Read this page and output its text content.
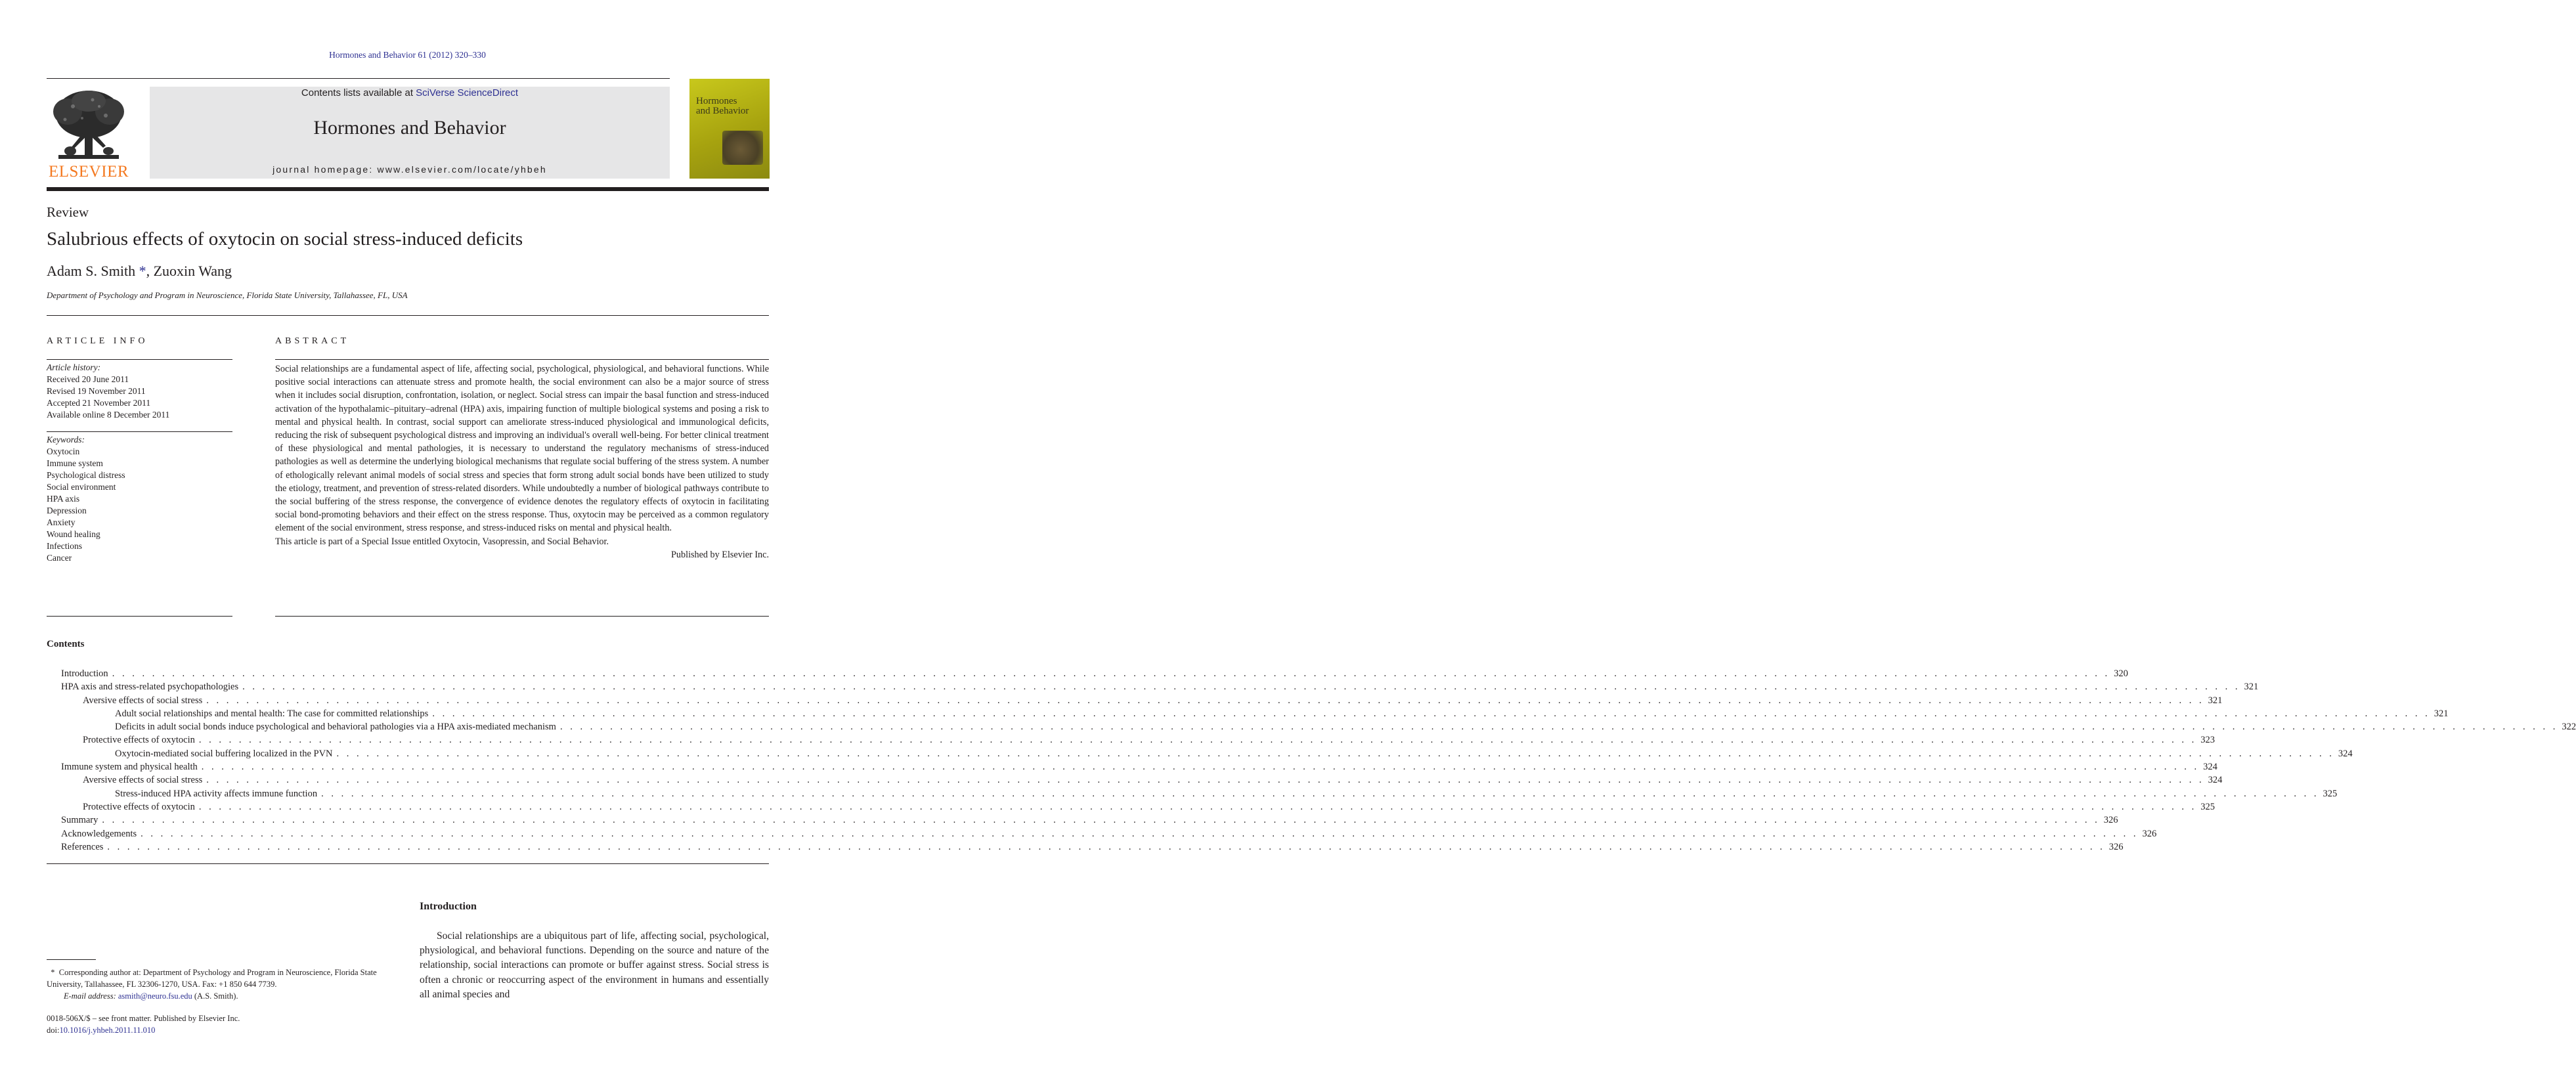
Hormones and Behavior 61 (2012) 320–330
ELSEVIER
Contents lists available at SciVerse ScienceDirect
Hormones and Behavior
journal homepage: www.elsevier.com/locate/yhbeh
Hormones
and Behavior
Review
Salubrious effects of oxytocin on social stress-induced deficits
Adam S. Smith *, Zuoxin Wang
Department of Psychology and Program in Neuroscience, Florida State University, Tallahassee, FL, USA
ARTICLE INFO	ABSTRACT
Article history:
Received 20 June 2011
Revised 19 November 2011
Accepted 21 November 2011
Available online 8 December 2011
Keywords:
Oxytocin
Immune system
Psychological distress
Social environment
HPA axis
Depression
Anxiety
Wound healing
Infections
Cancer
Social relationships are a fundamental aspect of life, affecting social, psychological, physiological, and behavioral functions. While positive social interactions can attenuate stress and promote health, the social environment can also be a major source of stress when it includes social disruption, confrontation, isolation, or neglect. Social stress can impair the basal function and stress-induced activation of the hypothalamic–pituitary–adrenal (HPA) axis, impairing function of multiple biological systems and posing a risk to mental and physical health. In contrast, social support can ameliorate stress-induced physiological and immunological deficits, reducing the risk of subsequent psychological distress and improving an individual's overall well-being. For better clinical treatment of these physiological and mental pathologies, it is necessary to understand the regulatory mechanisms of stress-induced pathologies as well as determine the underlying biological mechanisms that regulate social buffering of the stress system. A number of ethologically relevant animal models of social stress and species that form strong adult social bonds have been utilized to study the etiology, treatment, and prevention of stress-related disorders. While undoubtedly a number of biological pathways contribute to the social buffering of the stress response, the convergence of evidence denotes the regulatory effects of oxytocin in facilitating social bond-promoting behaviors and their effect on the stress response. Thus, oxytocin may be perceived as a common regulatory element of the social environment, stress response, and stress-induced risks on mental and physical health.
This article is part of a Special Issue entitled Oxytocin, Vasopressin, and Social Behavior.
Published by Elsevier Inc.
Contents
Introduction . . . . . . . . . . . . . . . . . . . . . . . . . . . . . . . . . . . . . . . . . . . . . . . . . . . . . . . . . . . . . . . . . . . . . . . . . . . . . . . . . . . . . . . . . . . . . . . . . . . . . . . . . . . . . . . . . . . . . . . . . . . . . . . . . . . . . . . . . . . . . . . . . . . . . . . . . . . . . . . . . . . . . . . . . . . . . . . . . . . . . . . . . . . . . . . . . . . . . . . . 320
HPA axis and stress-related psychopathologies . . . . . . . . . . . . . . . . . . . . . . . . . . . . . . . . . . . . . . . . . . . . . . . . . . . . . . . . . . . . . . . . . . . . . . . . . . . . . . . . . . . . . . . . . . . . . . . . . . . . . . . . . . . . . . . . . . . . . . . . . . . . . . . . . . . . . . . . . . . . . . . . . . . . . . . . . . . . . . . . . . . . . . . . . . . . . . . . . . . . . . . . . . . . . . . . . . . . . . . . 321
Aversive effects of social stress . . . . . . . . . . . . . . . . . . . . . . . . . . . . . . . . . . . . . . . . . . . . . . . . . . . . . . . . . . . . . . . . . . . . . . . . . . . . . . . . . . . . . . . . . . . . . . . . . . . . . . . . . . . . . . . . . . . . . . . . . . . . . . . . . . . . . . . . . . . . . . . . . . . . . . . . . . . . . . . . . . . . . . . . . . . . . . . . . . . . . . . . . . . . . . . . . . . . . . . . 321
Adult social relationships and mental health: The case for committed relationships . . . . . . . . . . . . . . . . . . . . . . . . . . . . . . . . . . . . . . . . . . . . . . . . . . . . . . . . . . . . . . . . . . . . . . . . . . . . . . . . . . . . . . . . . . . . . . . . . . . . . . . . . . . . . . . . . . . . . . . . . . . . . . . . . . . . . . . . . . . . . . . . . . . . . . . . . . . . . . . . . . . . . . . . . . . . . . . . . . . . . . . . . . . . . . . . . . . . . . . . 321
Deficits in adult social bonds induce psychological and behavioral pathologies via a HPA axis-mediated mechanism . . . . . . . . . . . . . . . . . . . . . . . . . . . . . . . . . . . . . . . . . . . . . . . . . . . . . . . . . . . . . . . . . . . . . . . . . . . . . . . . . . . . . . . . . . . . . . . . . . . . . . . . . . . . . . . . . . . . . . . . . . . . . . . . . . . . . . . . . . . . . . . . . . . . . . . . . . . . . . . . . . . . . . . . . . . . . . . . . . . . . . . . . . . . . . . . . . . . . . . . 322
Protective effects of oxytocin . . . . . . . . . . . . . . . . . . . . . . . . . . . . . . . . . . . . . . . . . . . . . . . . . . . . . . . . . . . . . . . . . . . . . . . . . . . . . . . . . . . . . . . . . . . . . . . . . . . . . . . . . . . . . . . . . . . . . . . . . . . . . . . . . . . . . . . . . . . . . . . . . . . . . . . . . . . . . . . . . . . . . . . . . . . . . . . . . . . . . . . . . . . . . . . . . . . . . . . . 323
Oxytocin-mediated social buffering localized in the PVN . . . . . . . . . . . . . . . . . . . . . . . . . . . . . . . . . . . . . . . . . . . . . . . . . . . . . . . . . . . . . . . . . . . . . . . . . . . . . . . . . . . . . . . . . . . . . . . . . . . . . . . . . . . . . . . . . . . . . . . . . . . . . . . . . . . . . . . . . . . . . . . . . . . . . . . . . . . . . . . . . . . . . . . . . . . . . . . . . . . . . . . . . . . . . . . . . . . . . . . . 324
Immune system and physical health . . . . . . . . . . . . . . . . . . . . . . . . . . . . . . . . . . . . . . . . . . . . . . . . . . . . . . . . . . . . . . . . . . . . . . . . . . . . . . . . . . . . . . . . . . . . . . . . . . . . . . . . . . . . . . . . . . . . . . . . . . . . . . . . . . . . . . . . . . . . . . . . . . . . . . . . . . . . . . . . . . . . . . . . . . . . . . . . . . . . . . . . . . . . . . . . . . . . . . . . 324
Aversive effects of social stress . . . . . . . . . . . . . . . . . . . . . . . . . . . . . . . . . . . . . . . . . . . . . . . . . . . . . . . . . . . . . . . . . . . . . . . . . . . . . . . . . . . . . . . . . . . . . . . . . . . . . . . . . . . . . . . . . . . . . . . . . . . . . . . . . . . . . . . . . . . . . . . . . . . . . . . . . . . . . . . . . . . . . . . . . . . . . . . . . . . . . . . . . . . . . . . . . . . . . . . . 324
Stress-induced HPA activity affects immune function . . . . . . . . . . . . . . . . . . . . . . . . . . . . . . . . . . . . . . . . . . . . . . . . . . . . . . . . . . . . . . . . . . . . . . . . . . . . . . . . . . . . . . . . . . . . . . . . . . . . . . . . . . . . . . . . . . . . . . . . . . . . . . . . . . . . . . . . . . . . . . . . . . . . . . . . . . . . . . . . . . . . . . . . . . . . . . . . . . . . . . . . . . . . . . . . . . . . . . . . 325
Protective effects of oxytocin . . . . . . . . . . . . . . . . . . . . . . . . . . . . . . . . . . . . . . . . . . . . . . . . . . . . . . . . . . . . . . . . . . . . . . . . . . . . . . . . . . . . . . . . . . . . . . . . . . . . . . . . . . . . . . . . . . . . . . . . . . . . . . . . . . . . . . . . . . . . . . . . . . . . . . . . . . . . . . . . . . . . . . . . . . . . . . . . . . . . . . . . . . . . . . . . . . . . . . . . 325
Summary . . . . . . . . . . . . . . . . . . . . . . . . . . . . . . . . . . . . . . . . . . . . . . . . . . . . . . . . . . . . . . . . . . . . . . . . . . . . . . . . . . . . . . . . . . . . . . . . . . . . . . . . . . . . . . . . . . . . . . . . . . . . . . . . . . . . . . . . . . . . . . . . . . . . . . . . . . . . . . . . . . . . . . . . . . . . . . . . . . . . . . . . . . . . . . . . . . . . . . . . 326
Acknowledgements . . . . . . . . . . . . . . . . . . . . . . . . . . . . . . . . . . . . . . . . . . . . . . . . . . . . . . . . . . . . . . . . . . . . . . . . . . . . . . . . . . . . . . . . . . . . . . . . . . . . . . . . . . . . . . . . . . . . . . . . . . . . . . . . . . . . . . . . . . . . . . . . . . . . . . . . . . . . . . . . . . . . . . . . . . . . . . . . . . . . . . . . . . . . . . . . . . . . . . . . 326
References . . . . . . . . . . . . . . . . . . . . . . . . . . . . . . . . . . . . . . . . . . . . . . . . . . . . . . . . . . . . . . . . . . . . . . . . . . . . . . . . . . . . . . . . . . . . . . . . . . . . . . . . . . . . . . . . . . . . . . . . . . . . . . . . . . . . . . . . . . . . . . . . . . . . . . . . . . . . . . . . . . . . . . . . . . . . . . . . . . . . . . . . . . . . . . . . . . . . . . . . 326
Introduction
Social relationships are a ubiquitous part of life, affecting social, psychological, physiological, and behavioral functions. Depending on the source and nature of the relationship, social interactions can promote or buffer against stress. Social stress is often a chronic or reoccurring aspect of the environment in humans and essentially all animal species and
* Corresponding author at: Department of Psychology and Program in Neuroscience, Florida State University, Tallahassee, FL 32306-1270, USA. Fax: +1 850 644 7739.
E-mail address: asmith@neuro.fsu.edu (A.S. Smith).
0018-506X/$ – see front matter. Published by Elsevier Inc.
doi:10.1016/j.yhbeh.2011.11.010
